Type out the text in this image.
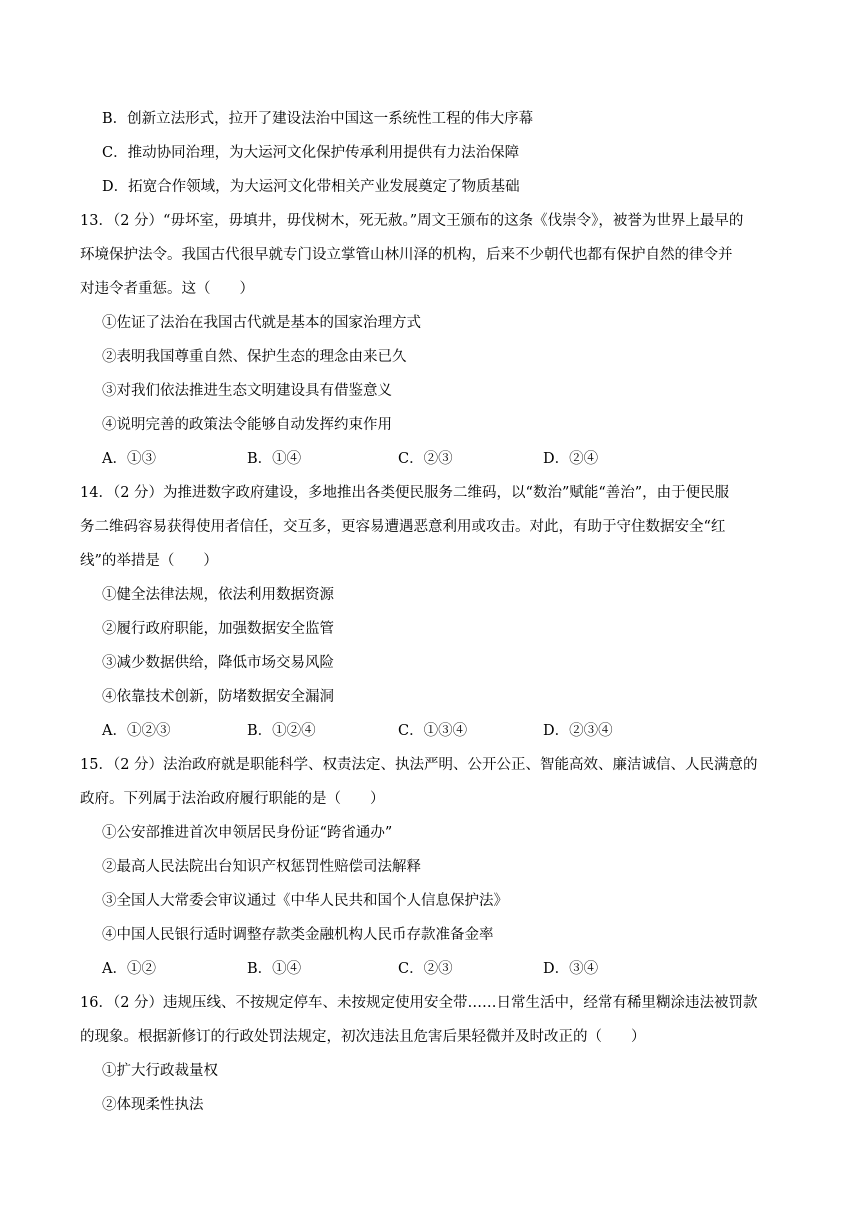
B．创新立法形式，拉开了建设法治中国这一系统性工程的伟大序幕
C．推动协同治理，为大运河文化保护传承利用提供有力法治保障
D．拓宽合作领域，为大运河文化带相关产业发展奠定了物质基础
13．（2 分）“毋坏室，毋填井，毋伐树木，死无赦。”周文王颁布的这条《伐崇令》，被誉为世界上最早的
环境保护法令。我国古代很早就专门设立掌管山林川泽的机构，后来不少朝代也都有保护自然的律令并
对违令者重惩。这（　　）
①佐证了法治在我国古代就是基本的国家治理方式
②表明我国尊重自然、保护生态的理念由来已久
③对我们依法推进生态文明建设具有借鉴意义
④说明完善的政策法令能够自动发挥约束作用
A．①③	B．①④	C．②③	D．②④
14．（2 分）为推进数字政府建设，多地推出各类便民服务二维码，以“数治”赋能“善治”，由于便民服
务二维码容易获得使用者信任，交互多，更容易遭遇恶意利用或攻击。对此，有助于守住数据安全“红
线”的举措是（　　）
①健全法律法规，依法利用数据资源
②履行政府职能，加强数据安全监管
③减少数据供给，降低市场交易风险
④依靠技术创新，防堵数据安全漏洞
A．①②③	B．①②④	C．①③④	D．②③④
15．（2 分）法治政府就是职能科学、权责法定、执法严明、公开公正、智能高效、廉洁诚信、人民满意的
政府。下列属于法治政府履行职能的是（　　）
①公安部推进首次申领居民身份证“跨省通办”
②最高人民法院出台知识产权惩罚性赔偿司法解释
③全国人大常委会审议通过《中华人民共和国个人信息保护法》
④中国人民银行适时调整存款类金融机构人民币存款准备金率
A．①②	B．①④	C．②③	D．③④
16．（2 分）违规压线、不按规定停车、未按规定使用安全带……日常生活中，经常有稀里糊涂违法被罚款
的现象。根据新修订的行政处罚法规定，初次违法且危害后果轻微并及时改正的（　　）
①扩大行政裁量权
②体现柔性执法
